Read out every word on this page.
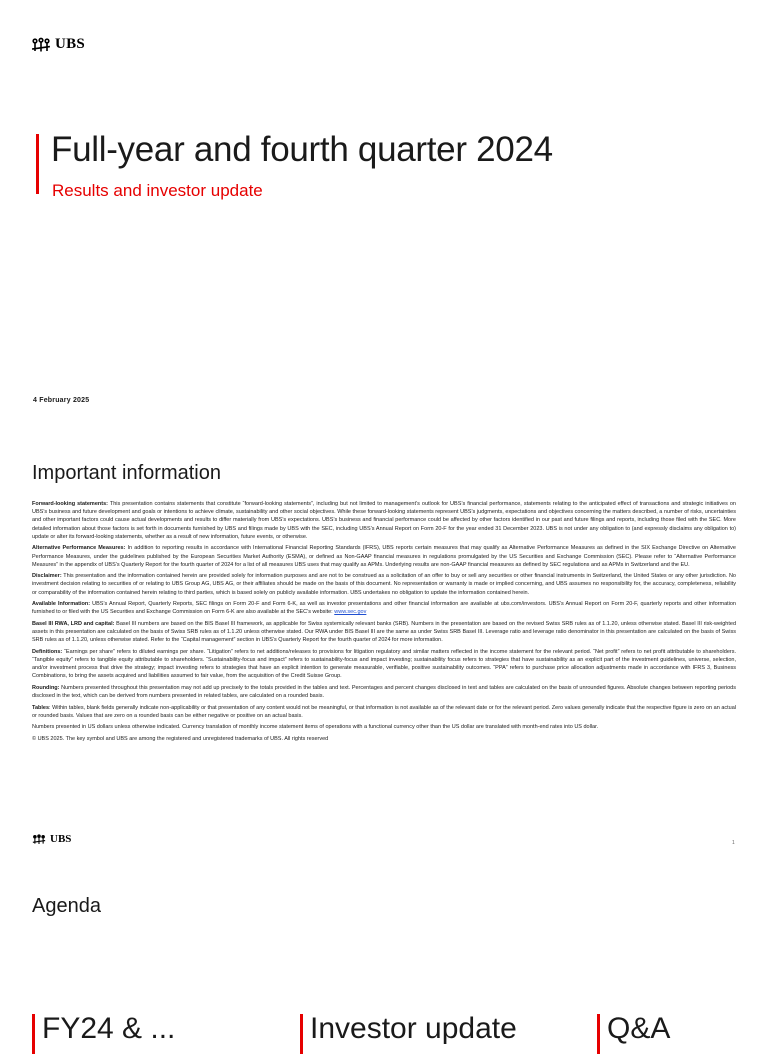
UBS
Full-year and fourth quarter 2024
Results and investor update
4 February 2025
Important information

Forward-looking statements: This presentation contains statements that constitute “forward-looking statements”, including but not limited to management’s outlook for UBS’s financial performance, statements relating to the anticipated effect of transactions and strategic initiatives on UBS’s business and future development and goals or intentions to achieve climate, sustainability and other social objectives. While these forward-looking statements represent UBS’s judgments, expectations and objectives concerning the matters described, a number of risks, uncertainties and other important factors could cause actual developments and results to differ materially from UBS’s expectations. UBS’s business and financial performance could be affected by other factors identified in our past and future filings and reports, including those filed with the SEC. More detailed information about those factors is set forth in documents furnished by UBS and filings made by UBS with the SEC, including UBS’s Annual Report on Form 20-F for the year ended 31 December 2023. UBS is not under any obligation to (and expressly disclaims any obligation to) update or alter its forward-looking statements, whether as a result of new information, future events, or otherwise.

Alternative Performance Measures: In addition to reporting results in accordance with International Financial Reporting Standards (IFRS), UBS reports certain measures that may qualify as Alternative Performance Measures as defined in the SIX Exchange Directive on Alternative Performance Measures, under the guidelines published by the European Securities Market Authority (ESMA), or defined as Non-GAAP financial measures in regulations promulgated by the US Securities and Exchange Commission (SEC). Please refer to “Alternative Performance Measures” in the appendix of UBS’s Quarterly Report for the fourth quarter of 2024 for a list of all measures UBS uses that may qualify as APMs. Underlying results are non-GAAP financial measures as defined by SEC regulations and as APMs in Switzerland and the EU.

Disclaimer: This presentation and the information contained herein are provided solely for information purposes and are not to be construed as a solicitation of an offer to buy or sell any securities or other financial instruments in Switzerland, the United States or any other jurisdiction. No investment decision relating to securities of or relating to UBS Group AG, UBS AG, or their affiliates should be made on the basis of this document. No representation or warranty is made or implied concerning, and UBS assumes no responsibility for, the accuracy, completeness, reliability or comparability of the information contained herein relating to third parties, which is based solely on publicly available information. UBS undertakes no obligation to update the information contained herein.

Available Information: UBS’s Annual Report, Quarterly Reports, SEC filings on Form 20-F and Form 6-K, as well as investor presentations and other financial information are available at ubs.com/investors. UBS’s Annual Report on Form 20-F, quarterly reports and other information furnished to or filed with the US Securities and Exchange Commission on Form 6-K are also available at the SEC’s website: www.sec.gov

Basel III RWA, LRD and capital: Basel III numbers are based on the BIS Basel III framework, as applicable for Swiss systemically relevant banks (SRB). Numbers in the presentation are based on the revised Swiss SRB rules as of 1.1.20, unless otherwise stated. Basel III risk-weighted assets in this presentation are calculated on the basis of Swiss SRB rules as of 1.1.20 unless otherwise stated. Our RWA under BIS Basel III are the same as under Swiss SRB Basel III. Leverage ratio and leverage ratio denominator in this presentation are calculated on the basis of Swiss SRB rules as of 1.1.20, unless otherwise stated. Refer to the “Capital management” section in UBS’s Quarterly Report for the fourth quarter of 2024 for more information.

Definitions: “Earnings per share” refers to diluted earnings per share. “Litigation” refers to net additions/releases to provisions for litigation regulatory and similar matters reflected in the income statement for the relevant period. “Net profit” refers to net profit attributable to shareholders. “Tangible equity” refers to tangible equity attributable to shareholders. “Sustainability-focus and impact” refers to sustainability-focus and impact investing; sustainability focus refers to strategies that have sustainability as an explicit part of the investment guidelines, universe, selection, and/or investment process that drive the strategy; impact investing refers to strategies that have an explicit intention to generate measurable, verifiable, positive sustainability outcomes. “PPA” refers to purchase price allocation adjustments made in accordance with IFRS 3, Business Combinations, to bring the assets acquired and liabilities assumed to fair value, from the acquisition of the Credit Suisse Group.

Rounding: Numbers presented throughout this presentation may not add up precisely to the totals provided in the tables and text. Percentages and percent changes disclosed in text and tables are calculated on the basis of unrounded figures. Absolute changes between reporting periods disclosed in the text, which can be derived from numbers presented in related tables, are calculated on a rounded basis.

Tables: Within tables, blank fields generally indicate non-applicability or that presentation of any content would not be meaningful, or that information is not available as of the relevant date or for the relevant period. Zero values generally indicate that the respective figure is zero on an actual or rounded basis. Values that are zero on a rounded basis can be either negative or positive on an actual basis.

Numbers presented in US dollars unless otherwise indicated. Currency translation of monthly income statement items of operations with a functional currency other than the US dollar are translated with month-end rates into US dollar.

© UBS 2025. The key symbol and UBS are among the registered and unregistered trademarks of UBS. All rights reserved

UBS	1
Agenda
FY24 & ...	Investor update	Q&A
